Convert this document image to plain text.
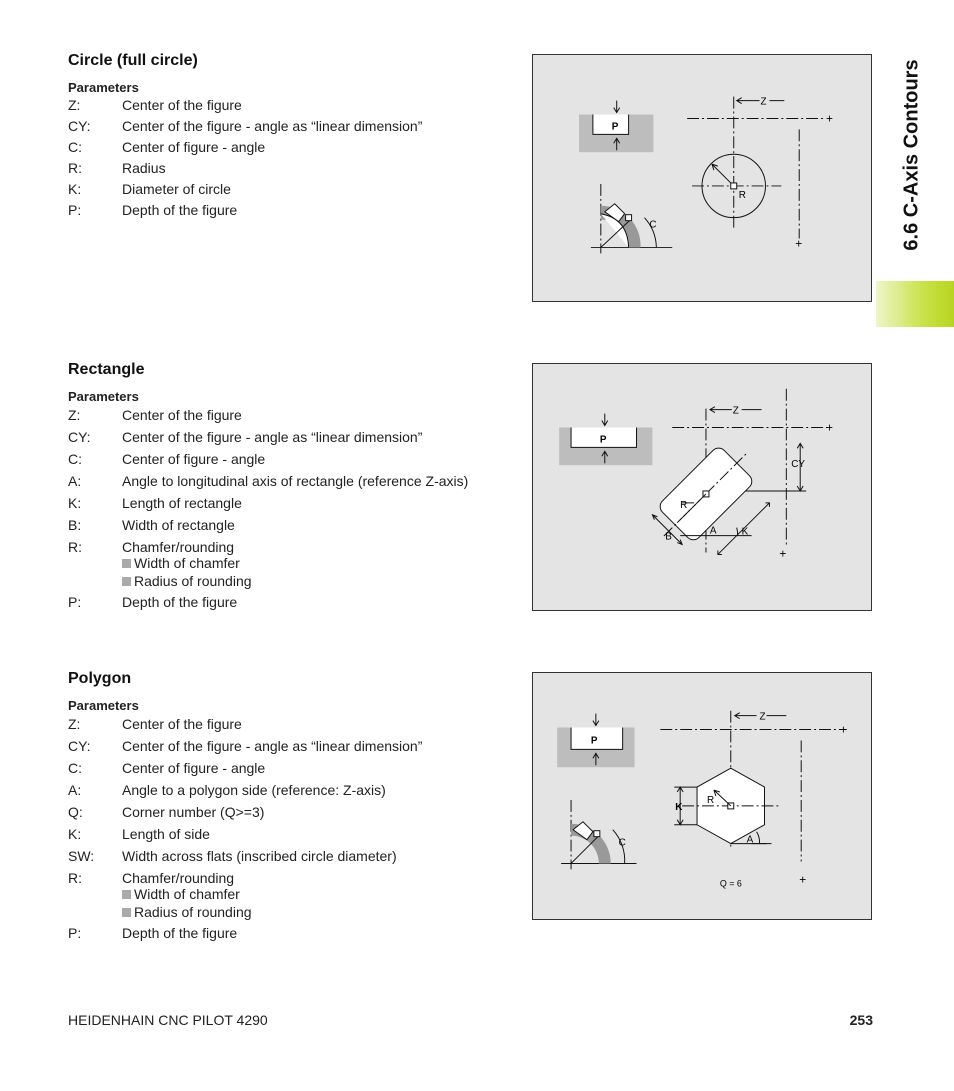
6.6 C-Axis Contours
Circle (full circle)
Parameters
Z:	Center of the figure
CY: Center of the figure - angle as “linear dimension”
C:	Center of figure - angle
R:	Radius
K:	Diameter of circle
P:	Depth of the figure
Rectangle
Parameters
Z:	Center of the figure
CY: Center of the figure - angle as “linear dimension”
C:	Center of figure - angle
A:	Angle to longitudinal axis of rectangle (reference Z-axis)
K:	Length of rectangle
B:	Width of rectangle
R:	Chamfer/rounding
Width of chamfer
Radius of rounding
P:	Depth of the figure
Polygon
Parameters
Z:	Center of the figure
CY: Center of the figure - angle as “linear dimension”
C:	Center of figure - angle
A:	Angle to a polygon side (reference: Z-axis)
Q:	Corner number (Q>=3)
K:	Length of side
SW: Width across flats (inscribed circle diameter)
R:	Chamfer/rounding
Width of chamfer
Radius of rounding
P:	Depth of the figure
P
Z
+
+
R
C
P
Z
+
+
CY
R
B
A	K
P
Z
+
+
K
R
A
C
Q = 6
HEIDENHAIN CNC PILOT 4290	253
